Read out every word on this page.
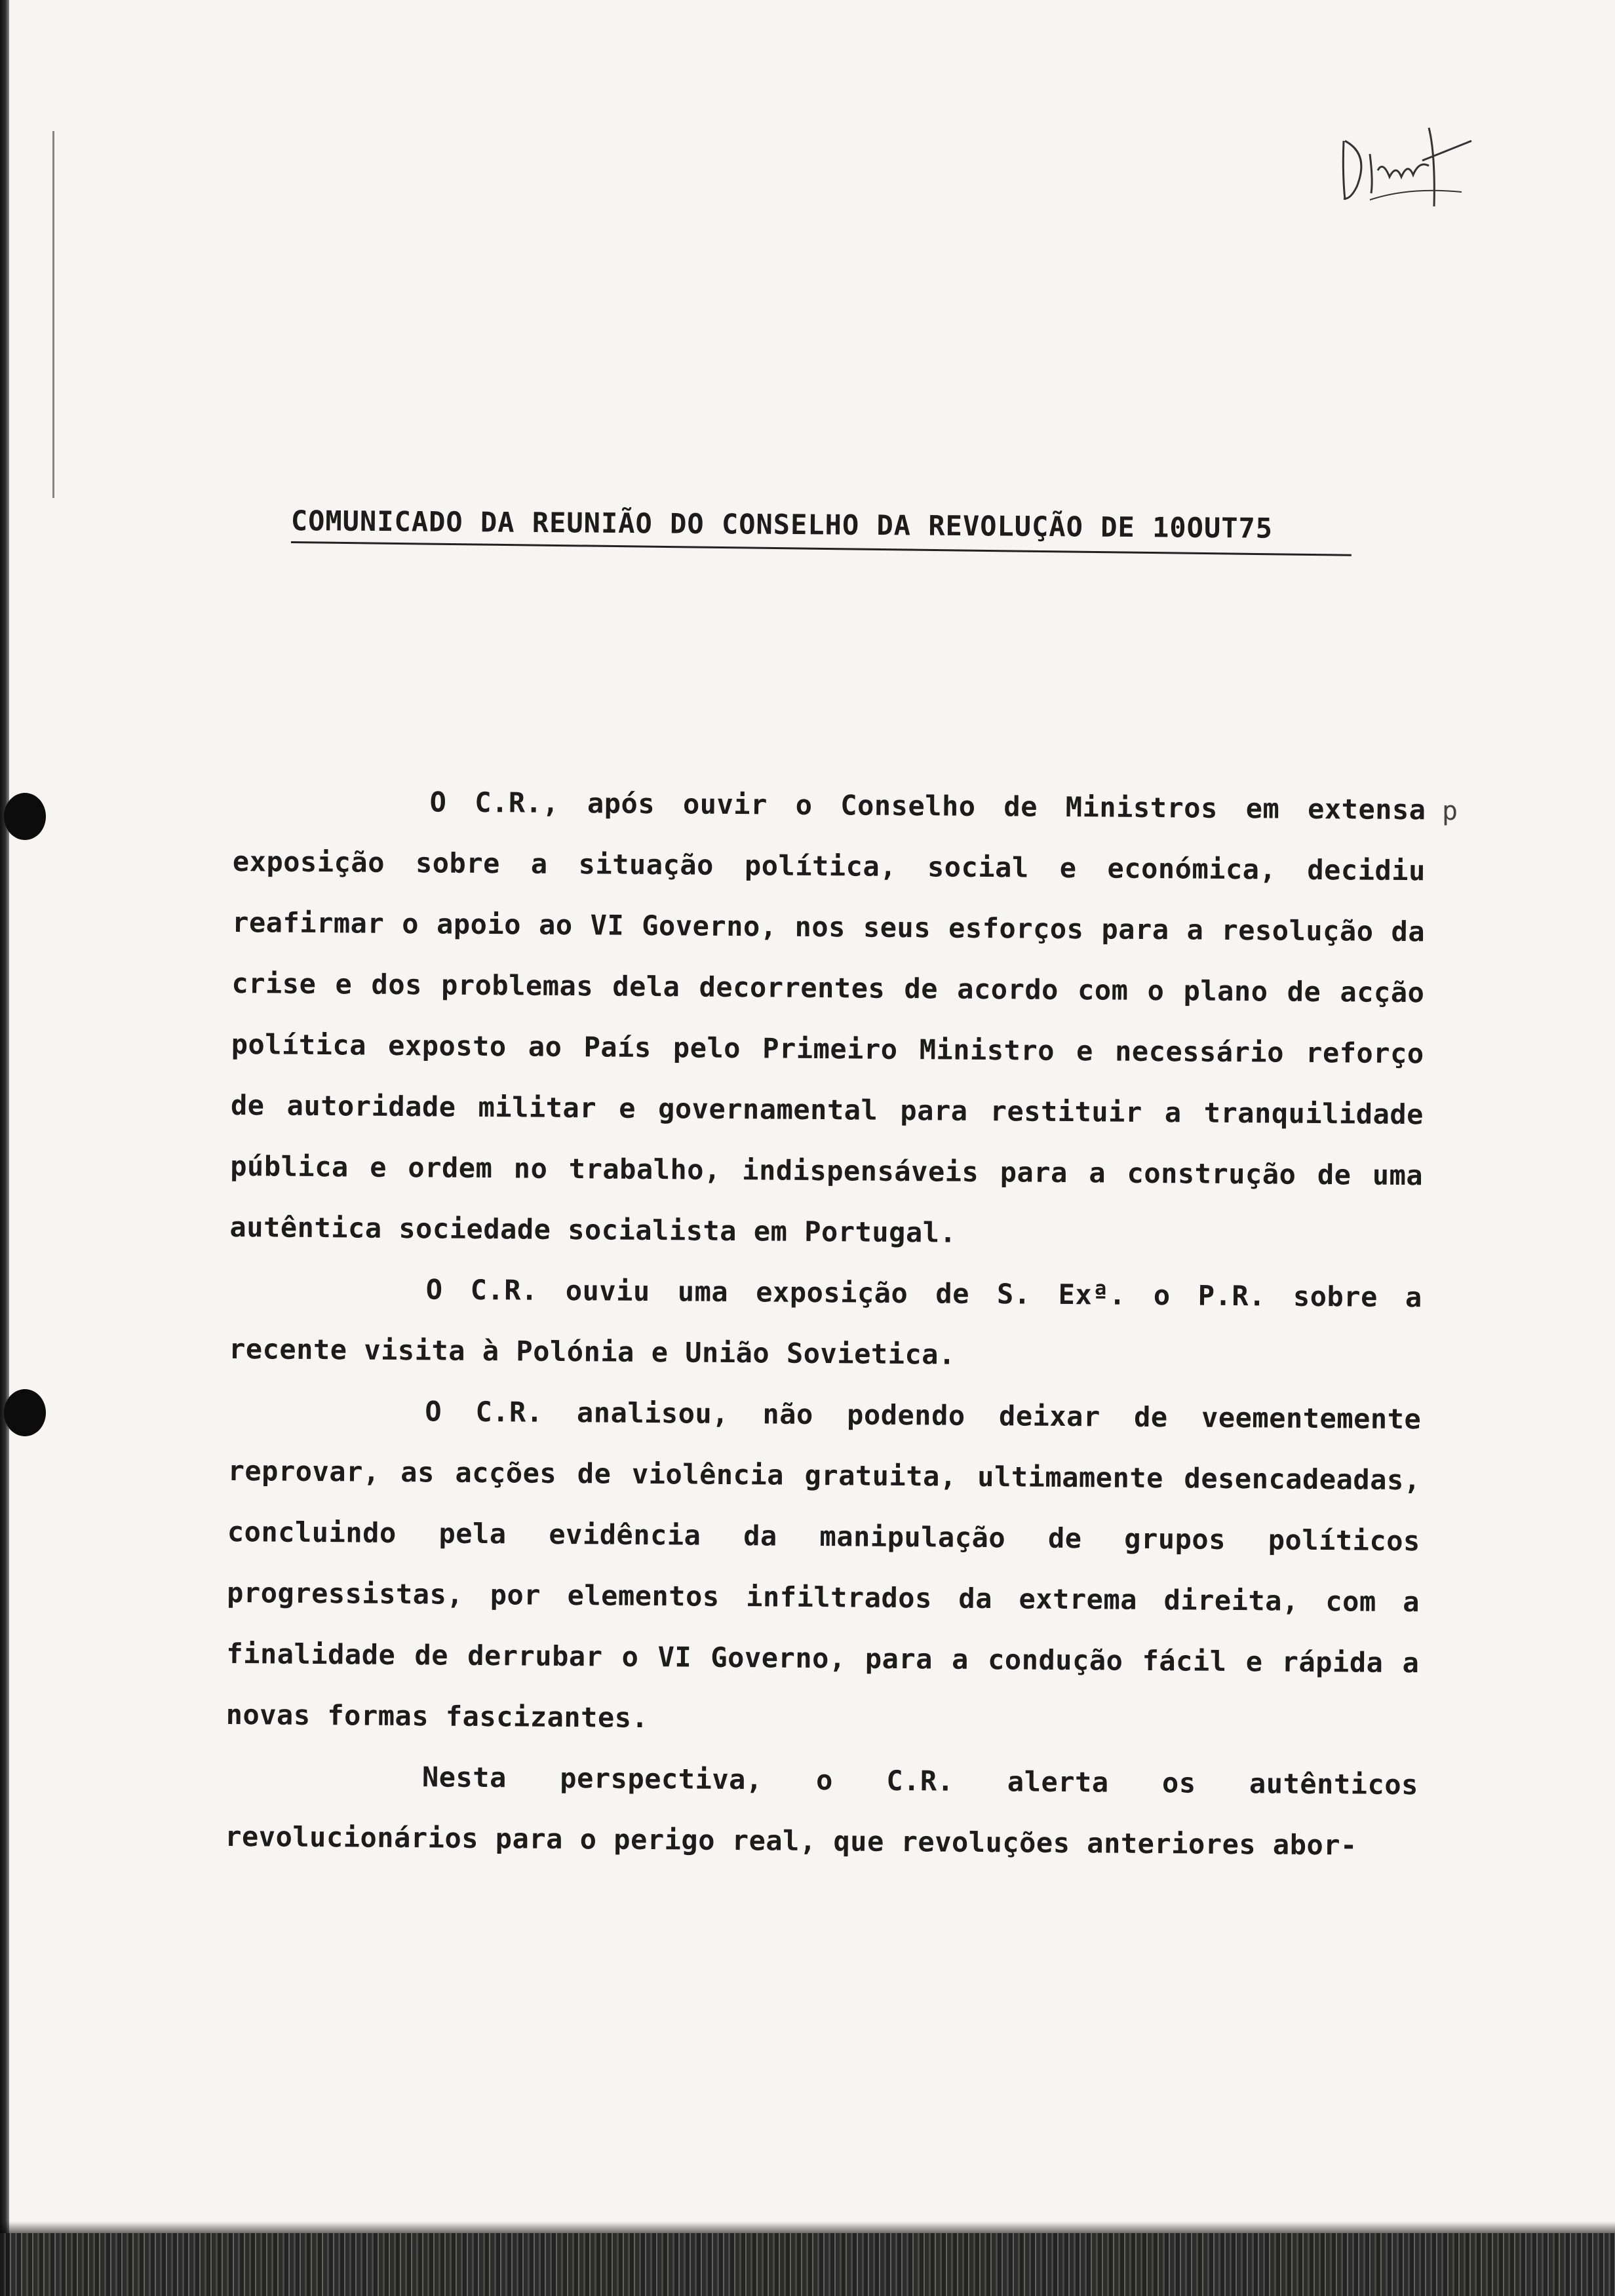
COMUNICADO DA REUNIÃO DO CONSELHO DA REVOLUÇÃO DE 10OUT75
p

O C.R., após ouvir o Conselho de Ministros em extensa exposição sobre a situação política, social e económica, decidiu reafirmar o apoio ao VI Governo, nos seus esforços para a resolução da crise e dos problemas dela decorrentes de acordo com o plano de acção política exposto ao País pelo Primeiro Ministro e necessário reforço de autoridade militar e governamental para restituir a tranquilidade pública e ordem no trabalho, indispensáveis para a construção de uma autêntica sociedade socialista em Portugal.

O C.R. ouviu uma exposição de S. Exª. o P.R. sobre a recente visita à Polónia e União Sovietica.

O C.R. analisou, não podendo deixar de veementemente reprovar, as acções de violência gratuita, ultimamente desencadeadas, concluindo pela evidência da manipulação de grupos políticos progressistas, por elementos infiltrados da extrema direita, com a finalidade de derrubar o VI Governo, para a condução fácil e rápida a novas formas fascizantes.

Nesta perspectiva, o C.R. alerta os autênticos revolucionários para o perigo real, que revoluções anteriores abor-
